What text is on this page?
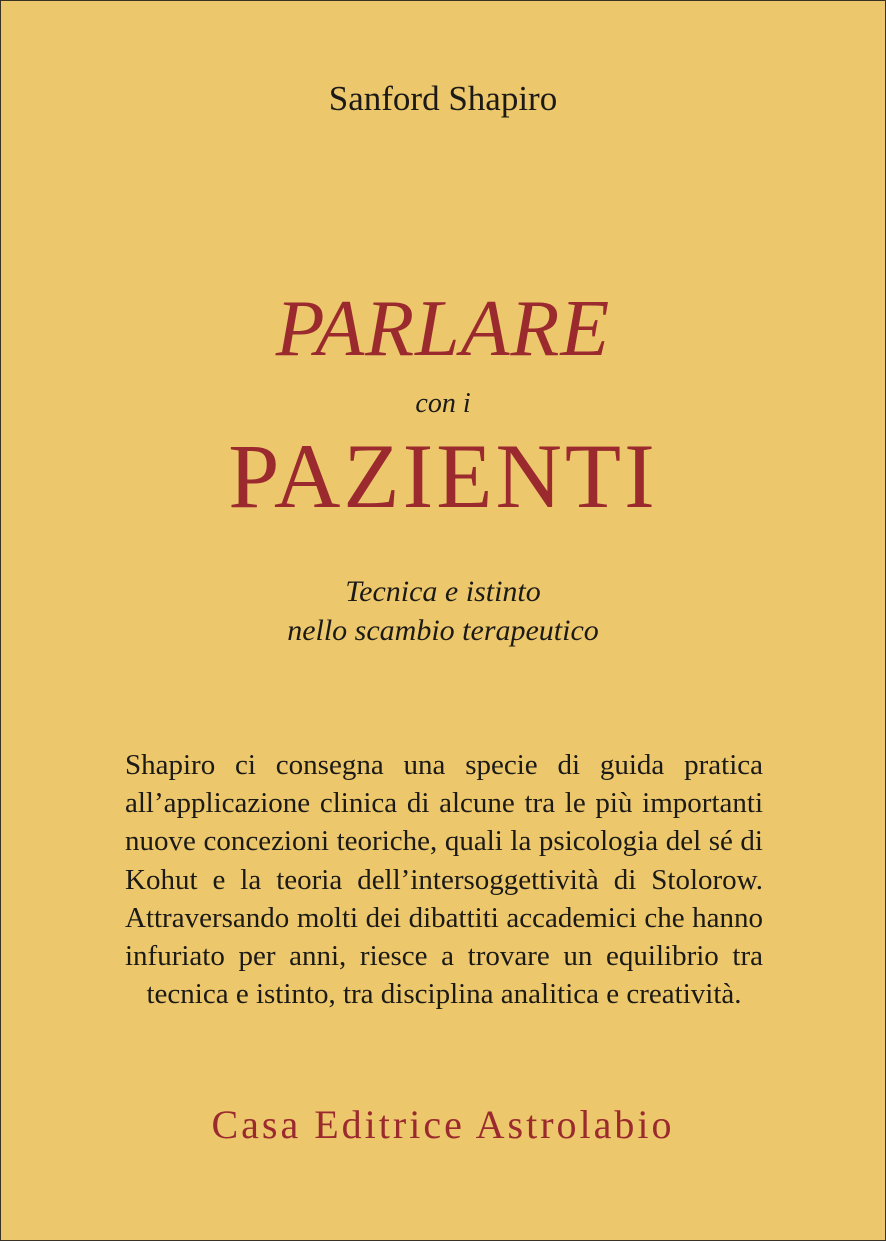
Sanford Shapiro

PARLARE

con i

PAZIENTI

Tecnica e istinto

nello scambio terapeutico

Shapiro ci consegna una specie di guida pratica all’applicazione clinica di alcune tra le più importanti nuove concezioni teoriche, quali la psicologia del sé di Kohut e la teoria dell’intersoggettività di Stolorow. Attraversando molti dei dibattiti accademici che hanno infuriato per anni, riesce a trovare un equilibrio tra tecnica e istinto, tra disciplina analitica e creatività.

Casa Editrice Astrolabio
